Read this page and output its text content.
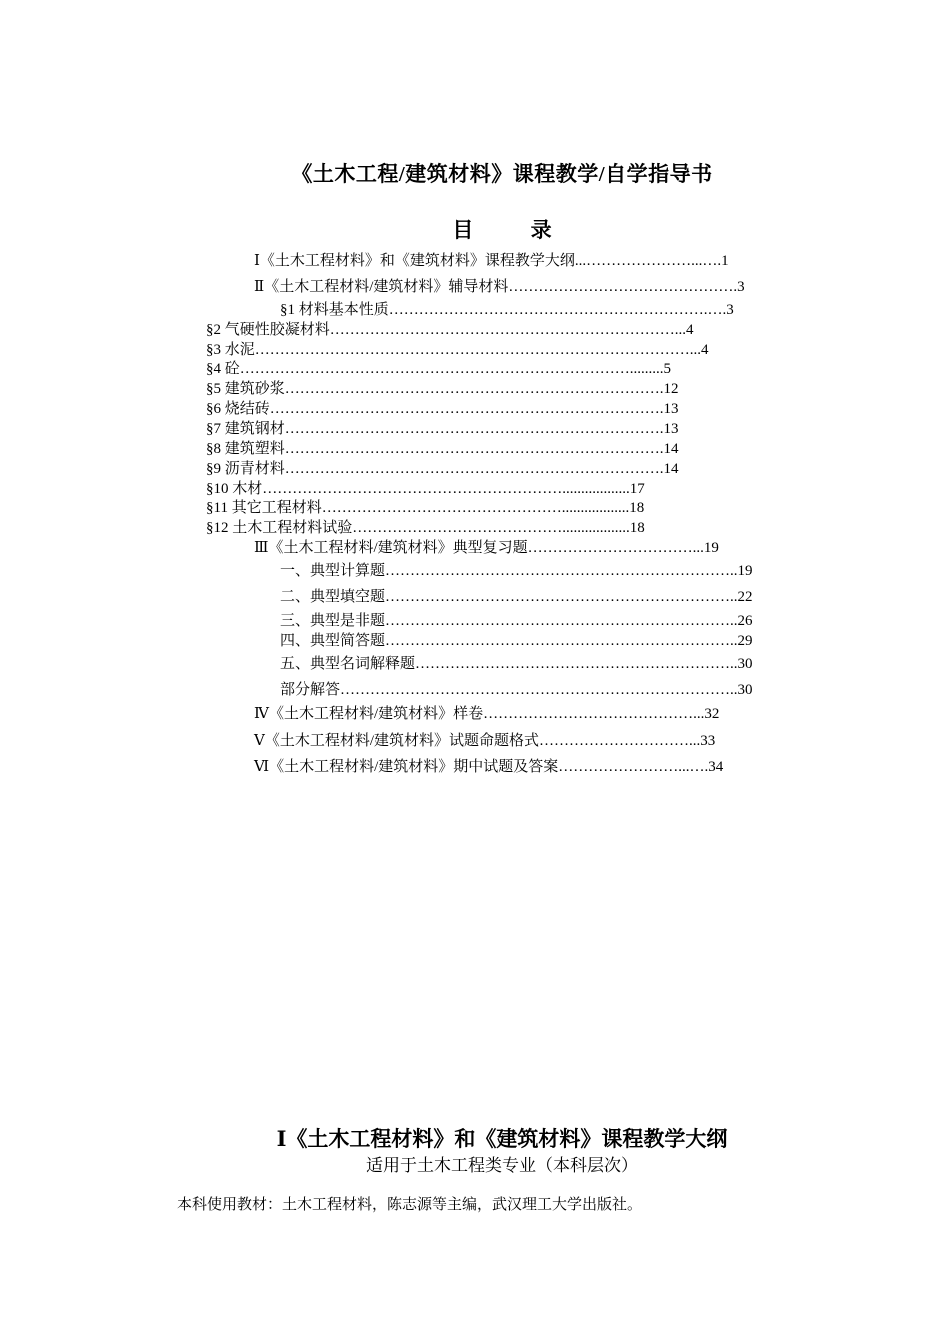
《土木工程/建筑材料》课程教学/自学指导书
目 录
Ⅰ《土木工程材料》和《建筑材料》课程教学大纲...…………………...….1
Ⅱ《土木工程材料/建筑材料》辅导材料……………………………………….3
§1 材料基本性质……………………………………………………….….3
§2 气硬性胶凝材料……………………………………………………………...4
§3 水泥……………………………………………………………………………...4
§4 砼…………………………………………………………………….........5
§5 建筑砂浆………………………………………………………………….12
§6 烧结砖…………………………………………………………………….13
§7 建筑钢材………………………………………………………………….13
§8 建筑塑料………………………………………………………………….14
§9 沥青材料………………………………………………………………….14
§10 木材……………………………………………………..................17
§11 其它工程材料…………………………………………..................18
§12 土木工程材料试验……………………………………..................18
Ⅲ《土木工程材料/建筑材料》典型复习题……………………………...19
一、典型计算题……………………………………………………………..19
二、典型填空题……………………………………………………………..22
三、典型是非题……………………………………………………………..26
四、典型简答题……………………………………………………………..29
五、典型名词解释题………………………………………………………..30
部分解答……………………………………………………………………..30
Ⅳ《土木工程材料/建筑材料》样卷……………………………………...32
Ⅴ《土木工程材料/建筑材料》试题命题格式…………………………...33
Ⅵ《土木工程材料/建筑材料》期中试题及答案……………………...….34
Ⅰ《土木工程材料》和《建筑材料》课程教学大纲

适用于土木工程类专业（本科层次）

本科使用教材：土木工程材料，陈志源等主编，武汉理工大学出版社。
